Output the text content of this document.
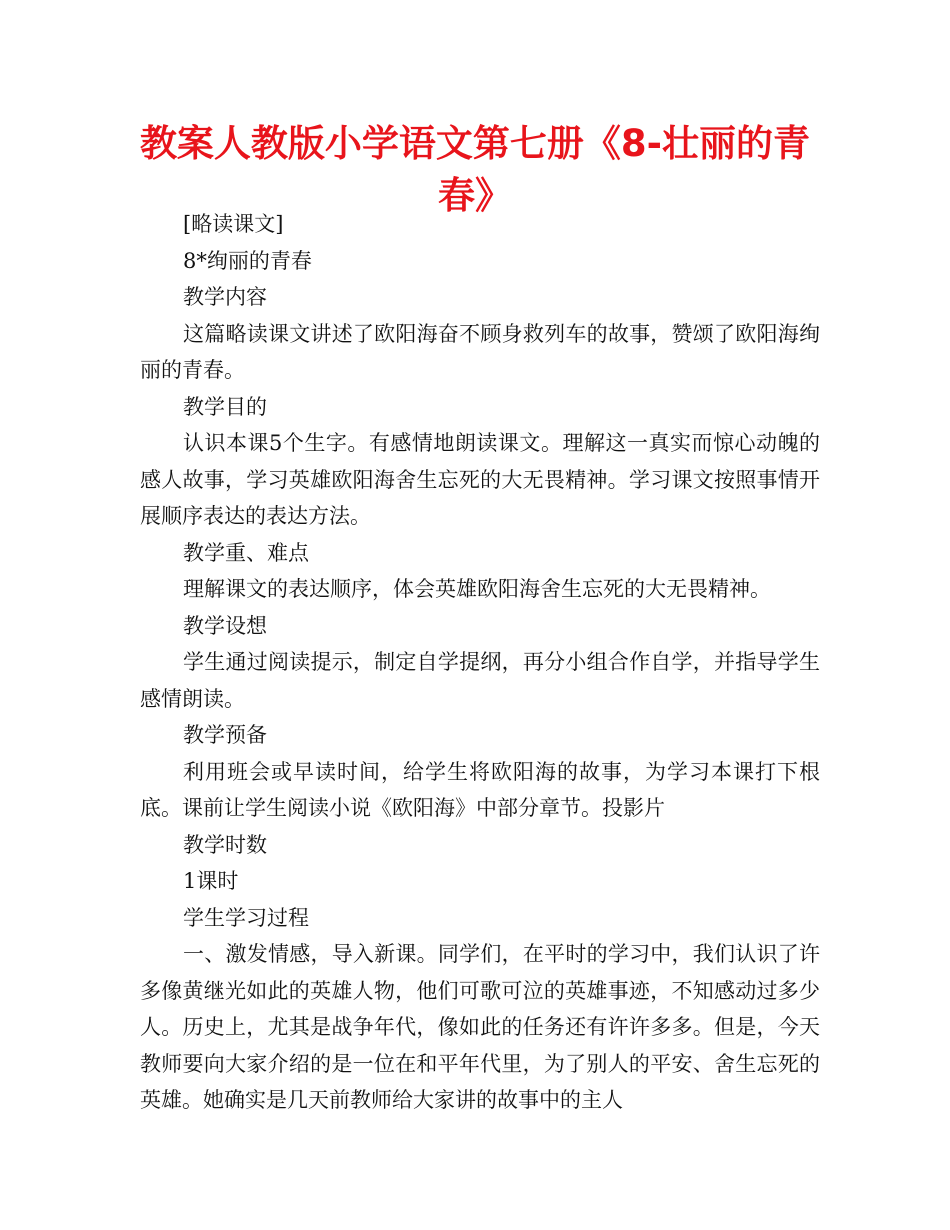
教案人教版小学语文第七册《8-壮丽的青春》

[略读课文]

8*绚丽的青春

教学内容

这篇略读课文讲述了欧阳海奋不顾身救列车的故事，赞颂了欧阳海绚丽的青春。

教学目的

认识本课5个生字。有感情地朗读课文。理解这一真实而惊心动魄的感人故事，学习英雄欧阳海舍生忘死的大无畏精神。学习课文按照事情开展顺序表达的表达方法。

教学重、难点

理解课文的表达顺序，体会英雄欧阳海舍生忘死的大无畏精神。

教学设想

学生通过阅读提示，制定自学提纲，再分小组合作自学，并指导学生感情朗读。

教学预备

利用班会或早读时间，给学生将欧阳海的故事，为学习本课打下根底。课前让学生阅读小说《欧阳海》中部分章节。投影片

教学时数

1课时

学生学习过程

一、激发情感，导入新课。同学们，在平时的学习中，我们认识了许多像黄继光如此的英雄人物，他们可歌可泣的英雄事迹，不知感动过多少人。历史上，尤其是战争年代，像如此的任务还有许许多多。但是，今天教师要向大家介绍的是一位在和平年代里，为了别人的平安、舍生忘死的英雄。她确实是几天前教师给大家讲的故事中的主人
